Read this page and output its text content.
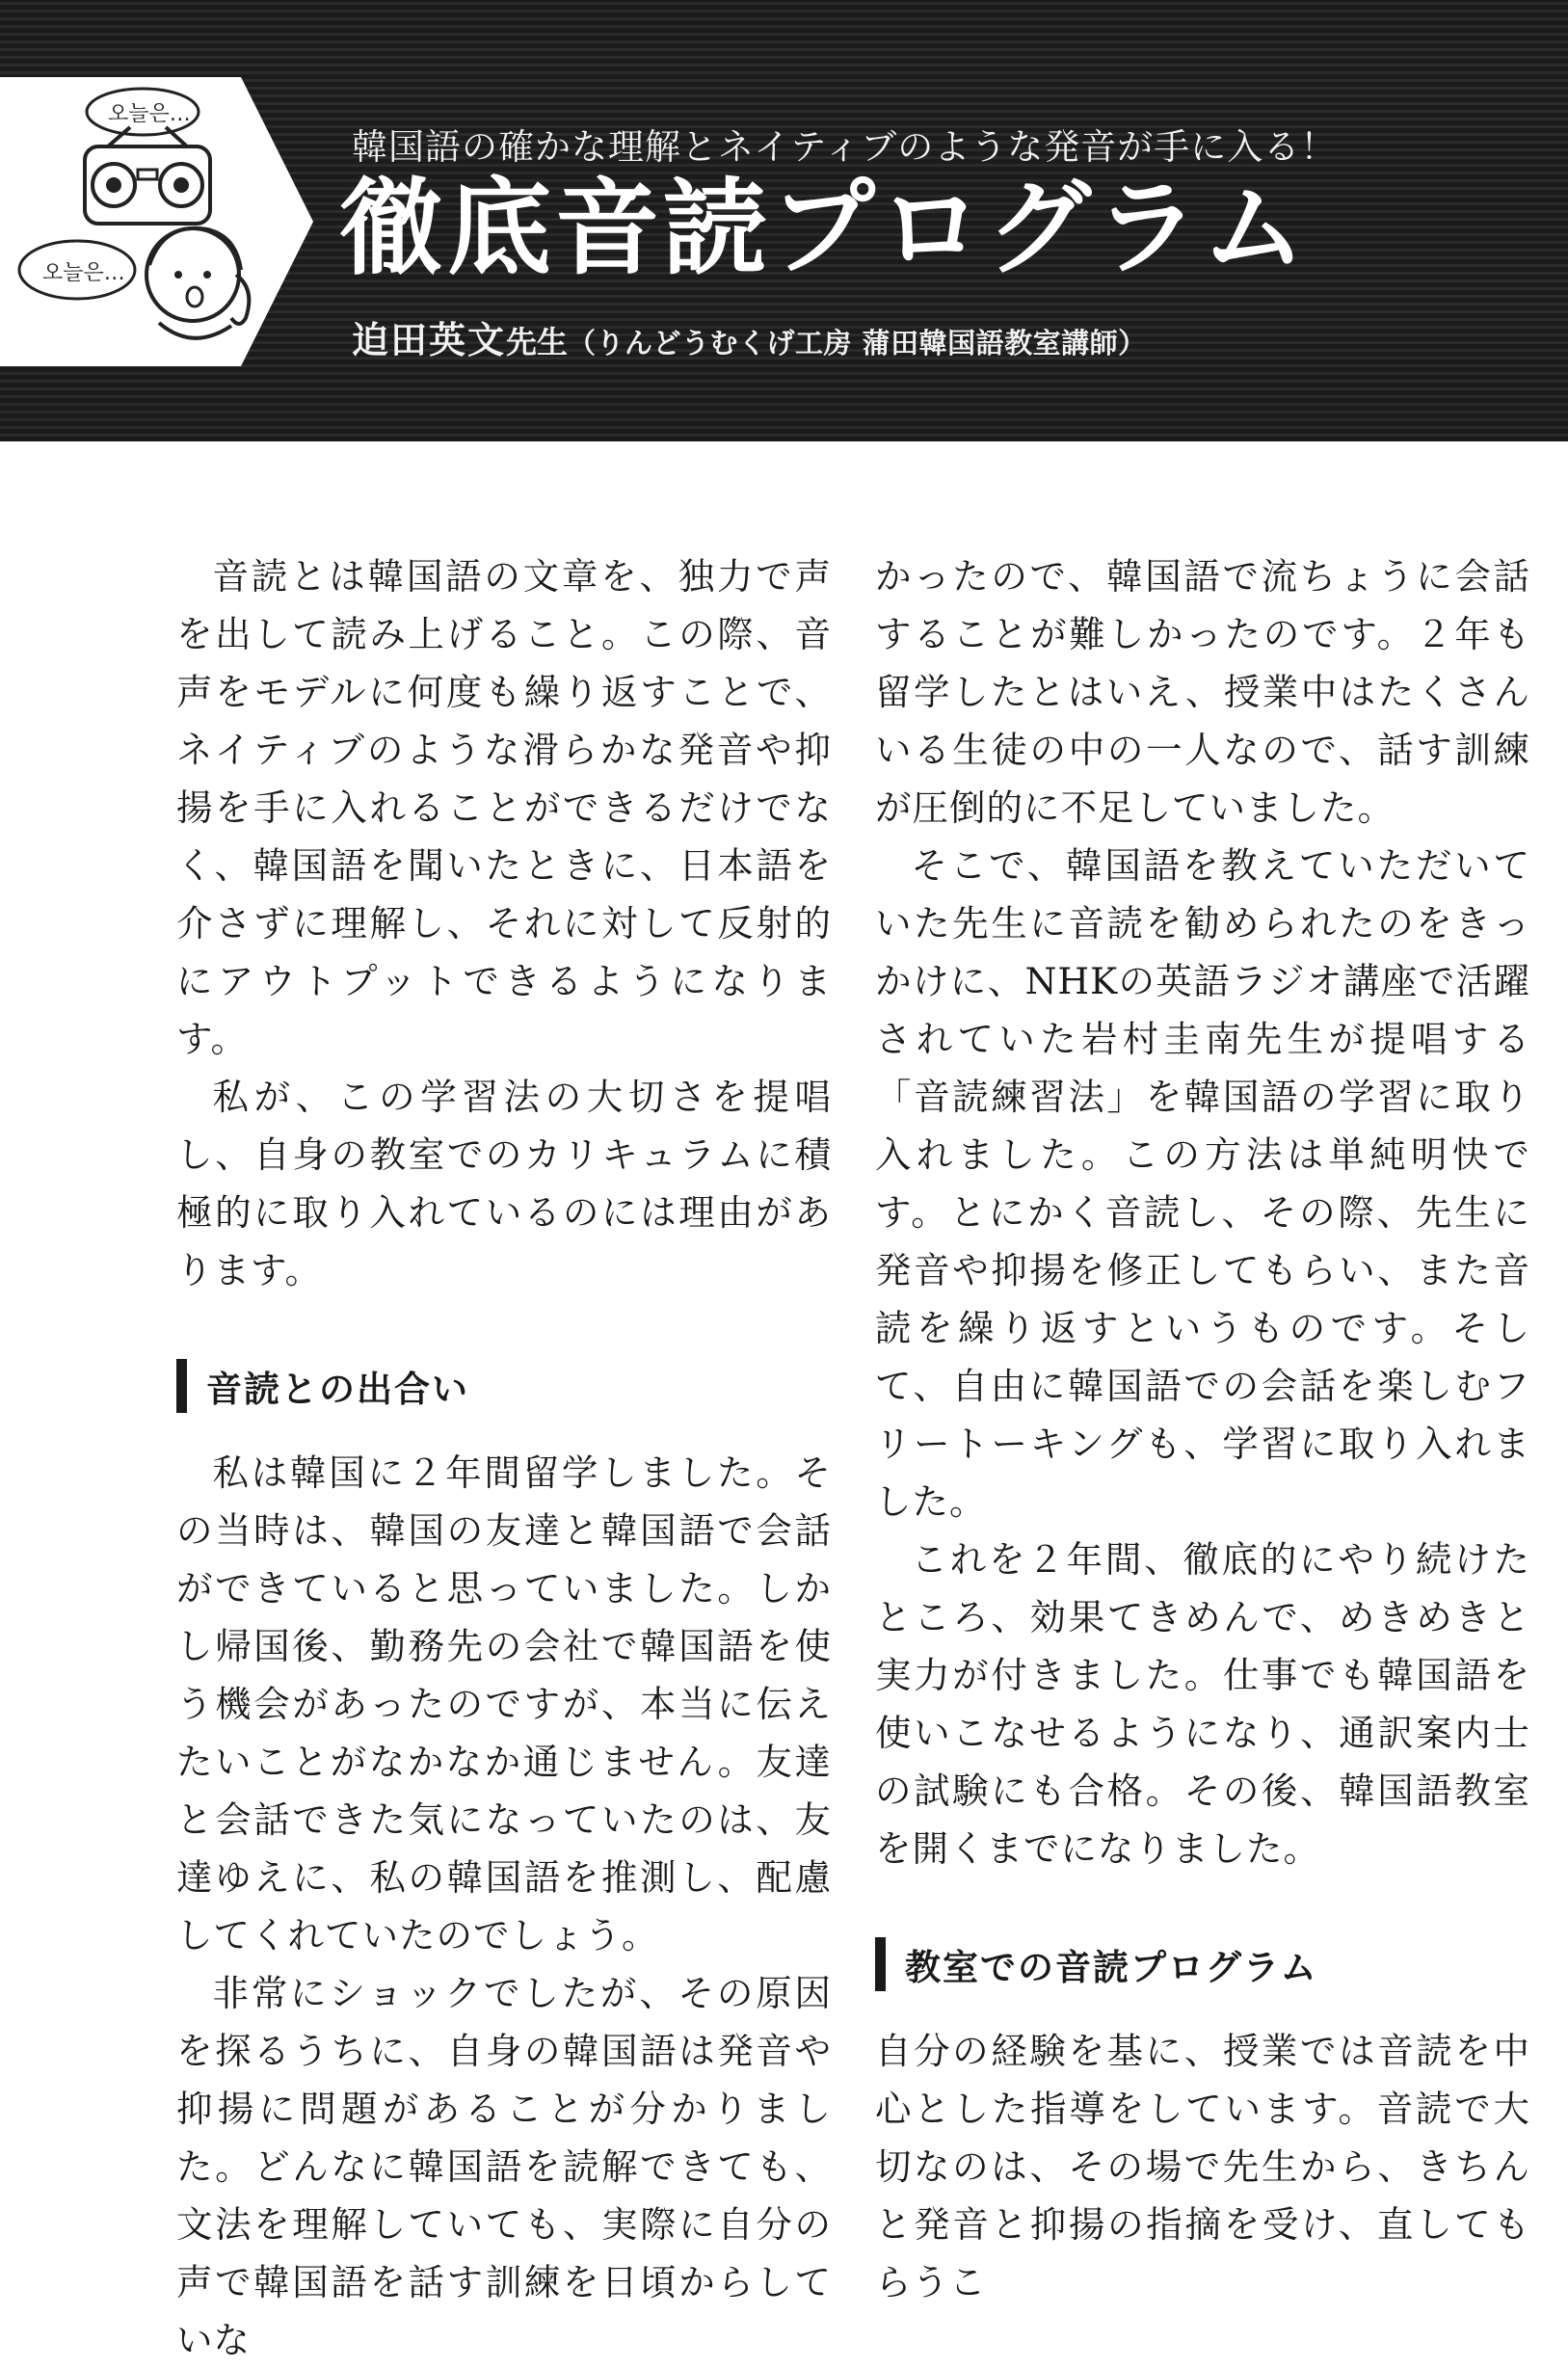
오늘은…
오늘은…
韓国語の確かな理解とネイティブのような発音が手に入る！
徹底音読プログラム
迫田英文先生（りんどうむくげ工房 蒲田韓国語教室講師）

音読とは韓国語の文章を、独力で声を出して読み上げること。この際、音声をモデルに何度も繰り返すことで、ネイティブのような滑らかな発音や抑揚を手に入れることができるだけでなく、韓国語を聞いたときに、日本語を介さずに理解し、それに対して反射的にアウトプットできるようになります。

私が、この学習法の大切さを提唱し、自身の教室でのカリキュラムに積極的に取り入れているのには理由があります。

音読との出合い

私は韓国に２年間留学しました。その当時は、韓国の友達と韓国語で会話ができていると思っていました。しかし帰国後、勤務先の会社で韓国語を使う機会があったのですが、本当に伝えたいことがなかなか通じません。友達と会話できた気になっていたのは、友達ゆえに、私の韓国語を推測し、配慮してくれていたのでしょう。

非常にショックでしたが、その原因を探るうちに、自身の韓国語は発音や抑揚に問題があることが分かりました。どんなに韓国語を読解できても、文法を理解していても、実際に自分の声で韓国語を話す訓練を日頃からしていな

かったので、韓国語で流ちょうに会話することが難しかったのです。２年も留学したとはいえ、授業中はたくさんいる生徒の中の一人なので、話す訓練が圧倒的に不足していました。

そこで、韓国語を教えていただいていた先生に音読を勧められたのをきっかけに、NHKの英語ラジオ講座で活躍されていた岩村圭南先生が提唱する「音読練習法」を韓国語の学習に取り入れました。この方法は単純明快です。とにかく音読し、その際、先生に発音や抑揚を修正してもらい、また音読を繰り返すというものです。そして、自由に韓国語での会話を楽しむフリートーキングも、学習に取り入れました。

これを２年間、徹底的にやり続けたところ、効果てきめんで、めきめきと実力が付きました。仕事でも韓国語を使いこなせるようになり、通訳案内士の試験にも合格。その後、韓国語教室を開くまでになりました。

教室での音読プログラム

自分の経験を基に、授業では音読を中心とした指導をしています。音読で大切なのは、その場で先生から、きちんと発音と抑揚の指摘を受け、直してもらうこ
